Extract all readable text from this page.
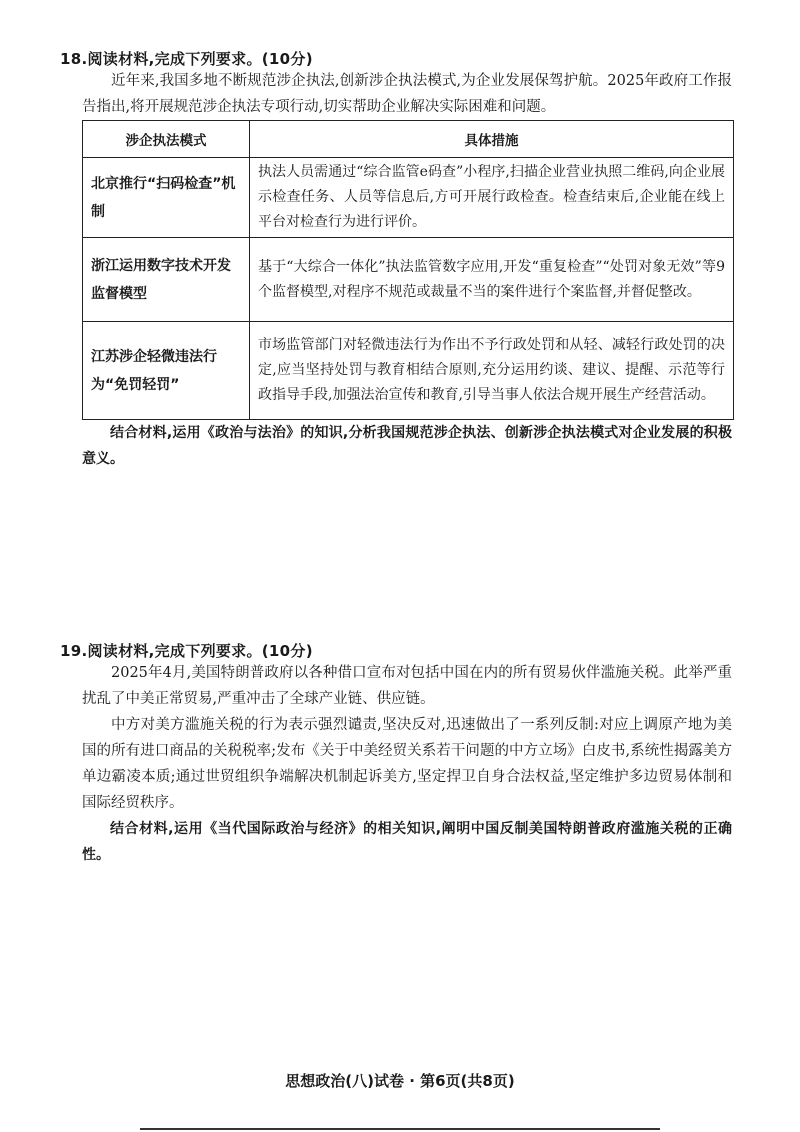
18.阅读材料,完成下列要求。(10分)

近年来,我国多地不断规范涉企执法,创新涉企执法模式,为企业发展保驾护航。2025年政府工作报告指出,将开展规范涉企执法专项行动,切实帮助企业解决实际困难和问题。

涉企执法模式	具体措施
北京推行“扫码检查”机制	执法人员需通过“综合监管e码查”小程序,扫描企业营业执照二维码,向企业展示检查任务、人员等信息后,方可开展行政检查。检查结束后,企业能在线上平台对检查行为进行评价。
浙江运用数字技术开发监督模型	基于“大综合一体化”执法监管数字应用,开发“重复检查”“处罚对象无效”等9个监督模型,对程序不规范或裁量不当的案件进行个案监督,并督促整改。
江苏涉企轻微违法行为“免罚轻罚”	市场监管部门对轻微违法行为作出不予行政处罚和从轻、减轻行政处罚的决定,应当坚持处罚与教育相结合原则,充分运用约谈、建议、提醒、示范等行政指导手段,加强法治宣传和教育,引导当事人依法合规开展生产经营活动。

结合材料,运用《政治与法治》的知识,分析我国规范涉企执法、创新涉企执法模式对企业发展的积极意义。

19.阅读材料,完成下列要求。(10分)

2025年4月,美国特朗普政府以各种借口宣布对包括中国在内的所有贸易伙伴滥施关税。此举严重扰乱了中美正常贸易,严重冲击了全球产业链、供应链。

中方对美方滥施关税的行为表示强烈谴责,坚决反对,迅速做出了一系列反制:对应上调原产地为美国的所有进口商品的关税税率;发布《关于中美经贸关系若干问题的中方立场》白皮书,系统性揭露美方单边霸凌本质;通过世贸组织争端解决机制起诉美方,坚定捍卫自身合法权益,坚定维护多边贸易体制和国际经贸秩序。

结合材料,运用《当代国际政治与经济》的相关知识,阐明中国反制美国特朗普政府滥施关税的正确性。

思想政治(八)试卷 · 第6页(共8页)
